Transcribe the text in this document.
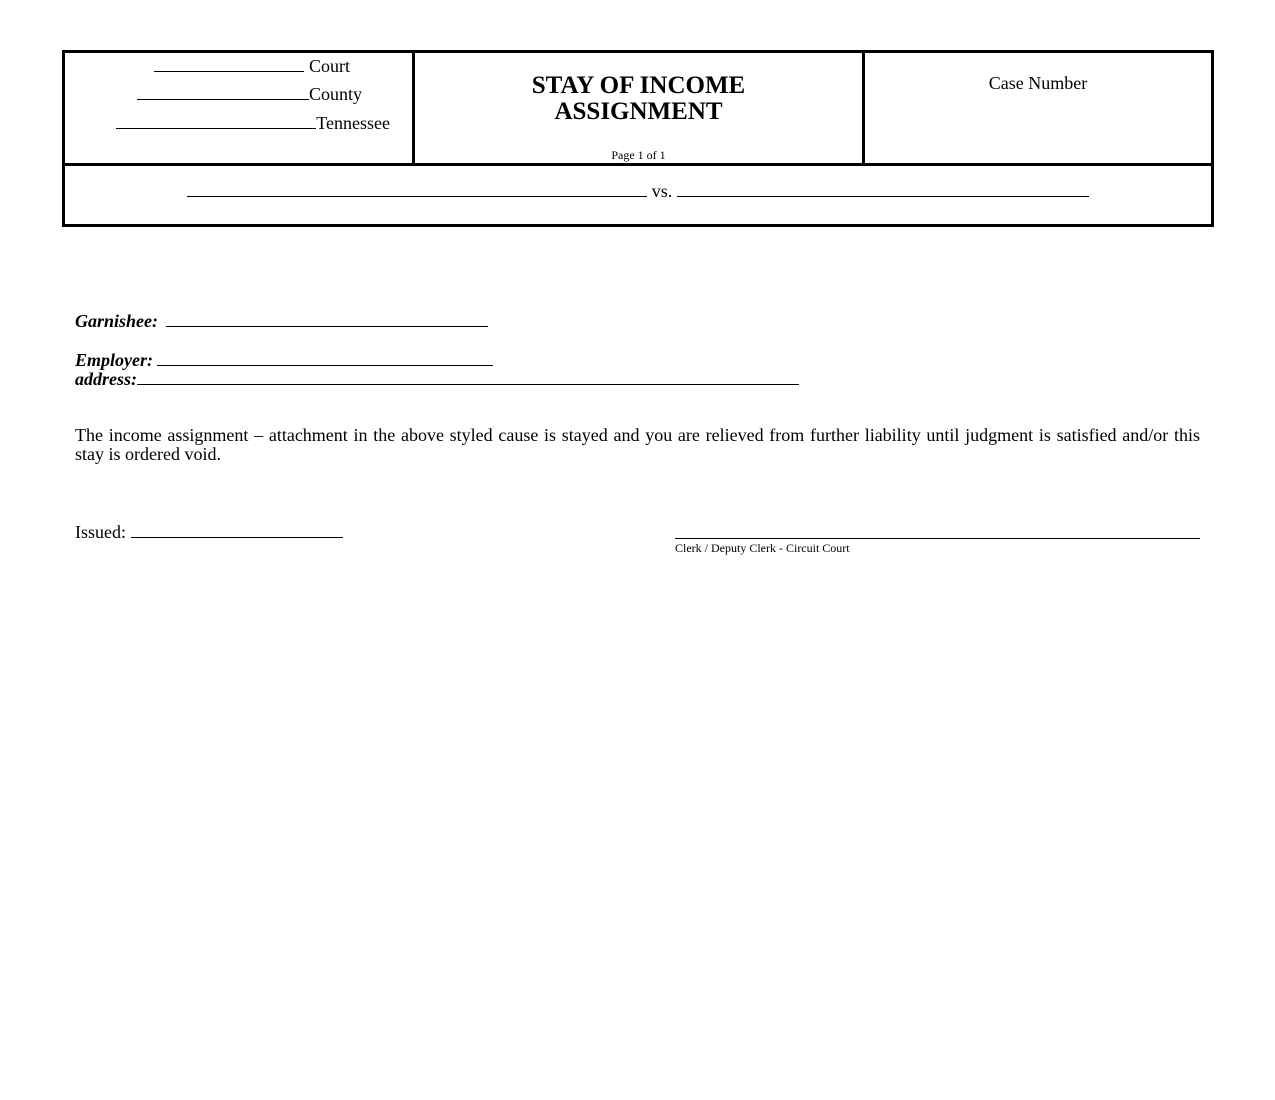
Court
County
Tennessee
STAY OF INCOME
ASSIGNMENT
Page 1 of 1
Case Number
vs.
Garnishee:
Employer:
address:
The income assignment – attachment in the above styled cause is stayed and you are relieved from further liability until judgment is satisfied and/or this stay is ordered void.
Issued:
Clerk / Deputy Clerk - Circuit Court
